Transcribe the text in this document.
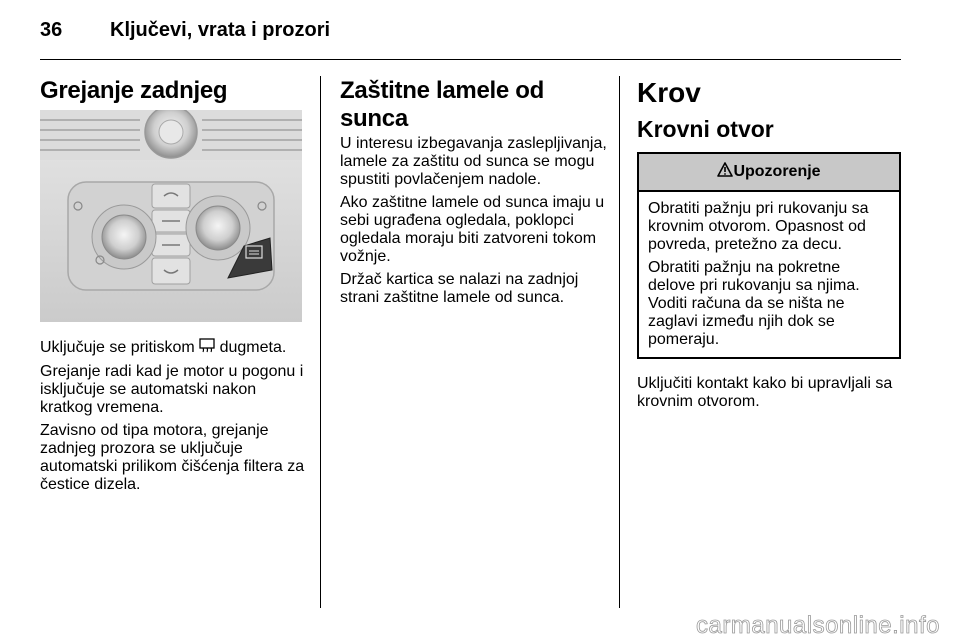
36 Ključevi, vrata i prozori
Grejanje zadnjeg

Uključuje se pritiskom  dugmeta.

Grejanje radi kad je motor u pogonu i isključuje se automatski nakon kratkog vremena.

Zavisno od tipa motora, grejanje zadnjeg prozora se uključuje automatski prilikom čišćenja filtera za čestice dizela.

Zaštitne lamele od sunca

U interesu izbegavanja zaslepljivanja, lamele za zaštitu od sunca se mogu spustiti povlačenjem nadole.

Ako zaštitne lamele od sunca imaju u sebi ugrađena ogledala, poklopci ogledala moraju biti zatvoreni tokom vožnje.

Držač kartica se nalazi na zadnjoj strani zaštitne lamele od sunca.

Krov
Krovni otvor
Upozorenje

Obratiti pažnju pri rukovanju sa krovnim otvorom. Opasnost od povreda, pretežno za decu.

Obratiti pažnju na pokretne delove pri rukovanju sa njima. Voditi računa da se ništa ne zaglavi između njih dok se pomeraju.

Uključiti kontakt kako bi upravljali sa krovnim otvorom.

carmanualsonline.info
